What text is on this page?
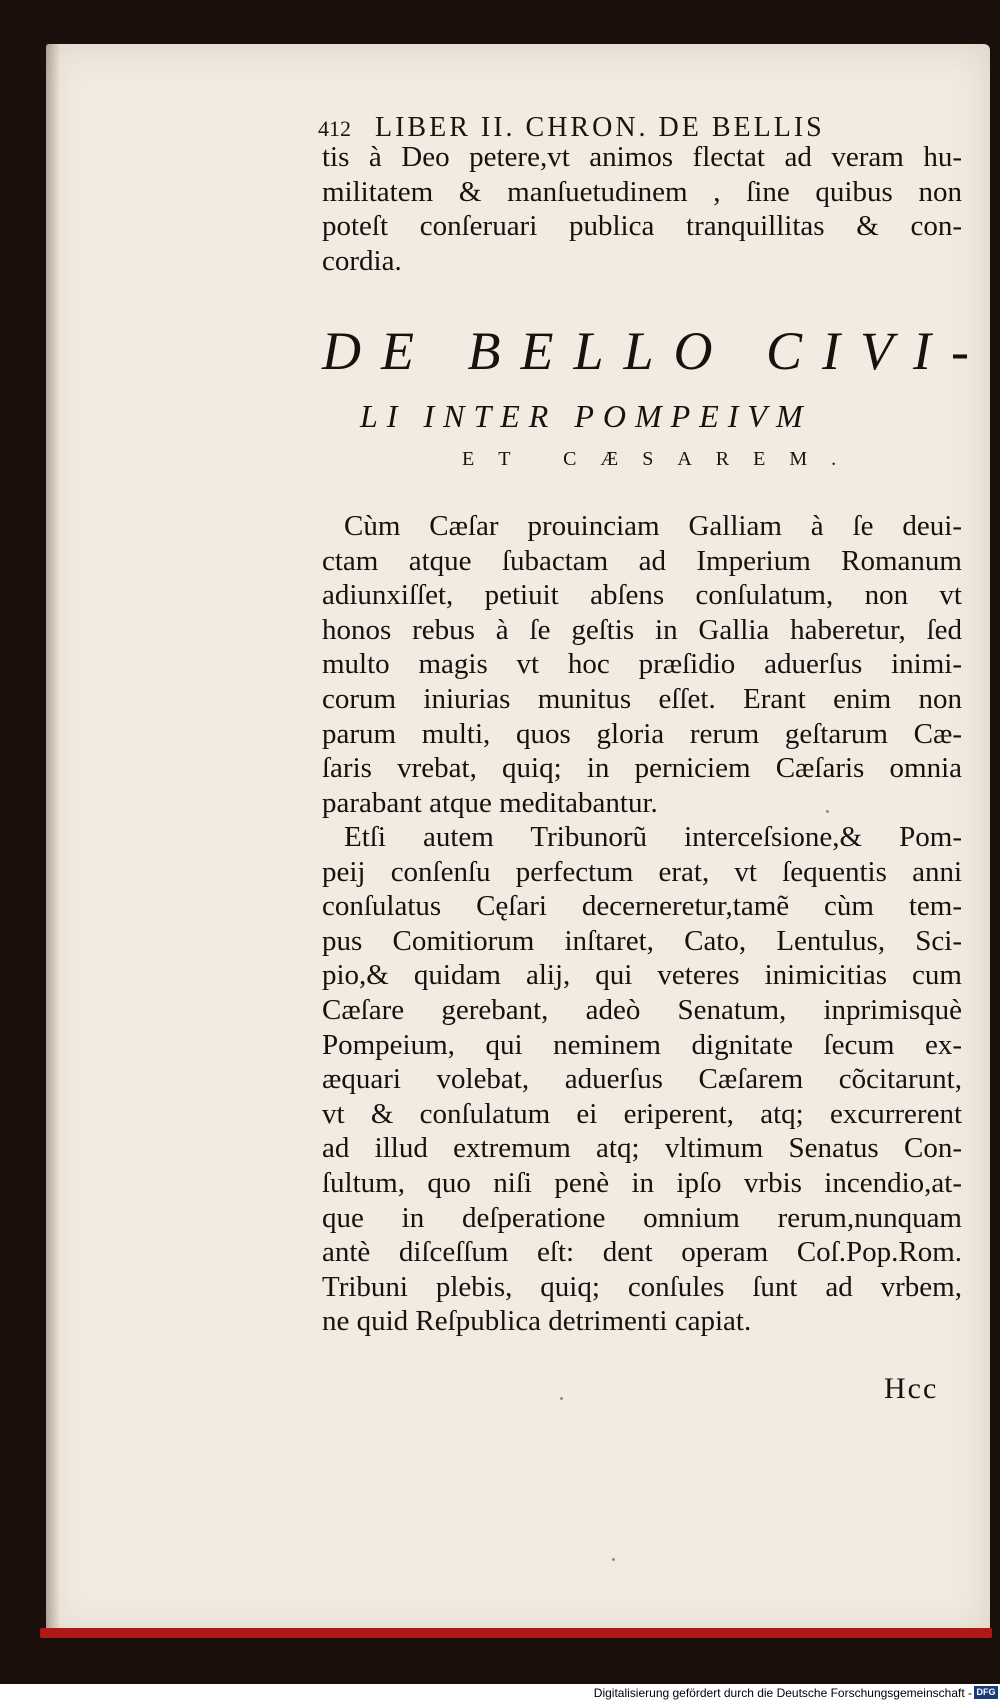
412 LIBER II. CHRON. DE BELLIS
tis à Deo petere,vt animos flectat ad veram hu-
militatem & manſuetudinem , ſine quibus non
poteſt conſeruari publica tranquillitas & con-
cordia.
DE BELLO CIVI-
LI INTER POMPEIVM
ET CÆSAREM.
Cùm Cæſar prouinciam Galliam à ſe deui-
ctam atque ſubactam ad Imperium Romanum
adiunxiſſet, petiuit abſens conſulatum, non vt
honos rebus à ſe geſtis in Gallia haberetur, ſed
multo magis vt hoc præſidio aduerſus inimi-
corum iniurias munitus eſſet. Erant enim non
parum multi, quos gloria rerum geſtarum Cæ-
ſaris vrebat, quiq; in perniciem Cæſaris omnia
parabant atque meditabantur.
Etſi autem Tribunorũ interceſsione,& Pom-
peij conſenſu perfectum erat, vt ſequentis anni
conſulatus Cęſari decerneretur,tamẽ cùm tem-
pus Comitiorum inſtaret, Cato, Lentulus, Sci-
pio,& quidam alij, qui veteres inimicitias cum
Cæſare gerebant, adeò Senatum, inprimisquè
Pompeium, qui neminem dignitate ſecum ex-
æquari volebat, aduerſus Cæſarem cõcitarunt,
vt & conſulatum ei eriperent, atq; excurrerent
ad illud extremum atq; vltimum Senatus Con-
ſultum, quo niſi penè in ipſo vrbis incendio,at-
que in deſperatione omnium rerum,nunquam
antè diſceſſum eſt: dent operam Coſ.Pop.Rom.
Tribuni plebis, quiq; conſules ſunt ad vrbem,
ne quid Reſpublica detrimenti capiat.
Hcc
Digitalisierung gefördert durch die Deutsche Forschungsgemeinschaft - DFG
